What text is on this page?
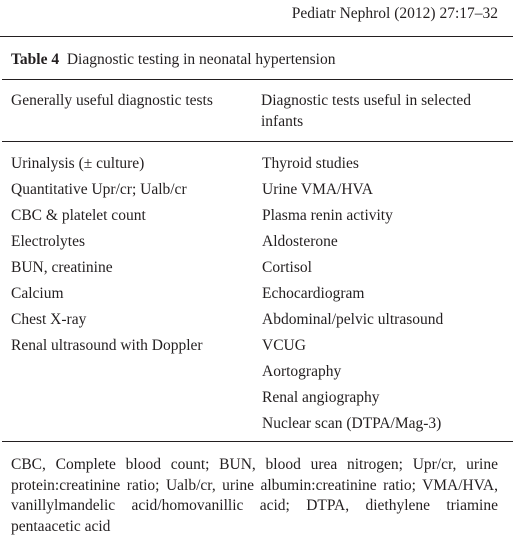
Pediatr Nephrol (2012) 27:17–32
Table 4 Diagnostic testing in neonatal hypertension
Generally useful diagnostic tests	Diagnostic tests useful in selected infants
Urinalysis (± culture)
Quantitative Upr/cr; Ualb/cr
CBC & platelet count
Electrolytes
BUN, creatinine
Calcium
Chest X-ray
Renal ultrasound with Doppler
Thyroid studies
Urine VMA/HVA
Plasma renin activity
Aldosterone
Cortisol
Echocardiogram
Abdominal/pelvic ultrasound
VCUG
Aortography
Renal angiography
Nuclear scan (DTPA/Mag-3)
CBC, Complete blood count; BUN, blood urea nitrogen; Upr/cr, urine protein:creatinine ratio; Ualb/cr, urine albumin:creatinine ratio; VMA/HVA, vanillylmandelic acid/homovanillic acid; DTPA, diethylene triamine pentaacetic acid
